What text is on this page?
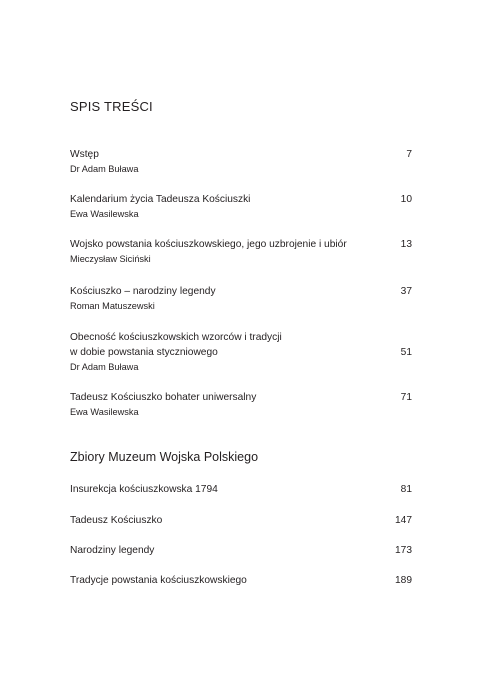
SPIS TREŚCI
Wstęp	7
Dr Adam Buława
Kalendarium życia Tadeusza Kościuszki	10
Ewa Wasilewska
Wojsko powstania kościuszkowskiego, jego uzbrojenie i ubiór	13
Mieczysław Siciński
Kościuszko – narodziny legendy	37
Roman Matuszewski
Obecność kościuszkowskich wzorców i tradycji
w dobie powstania styczniowego	51
Dr Adam Buława
Tadeusz Kościuszko bohater uniwersalny	71
Ewa Wasilewska
Zbiory Muzeum Wojska Polskiego
Insurekcja kościuszkowska 1794	81
Tadeusz Kościuszko	147
Narodziny legendy	173
Tradycje powstania kościuszkowskiego	189
